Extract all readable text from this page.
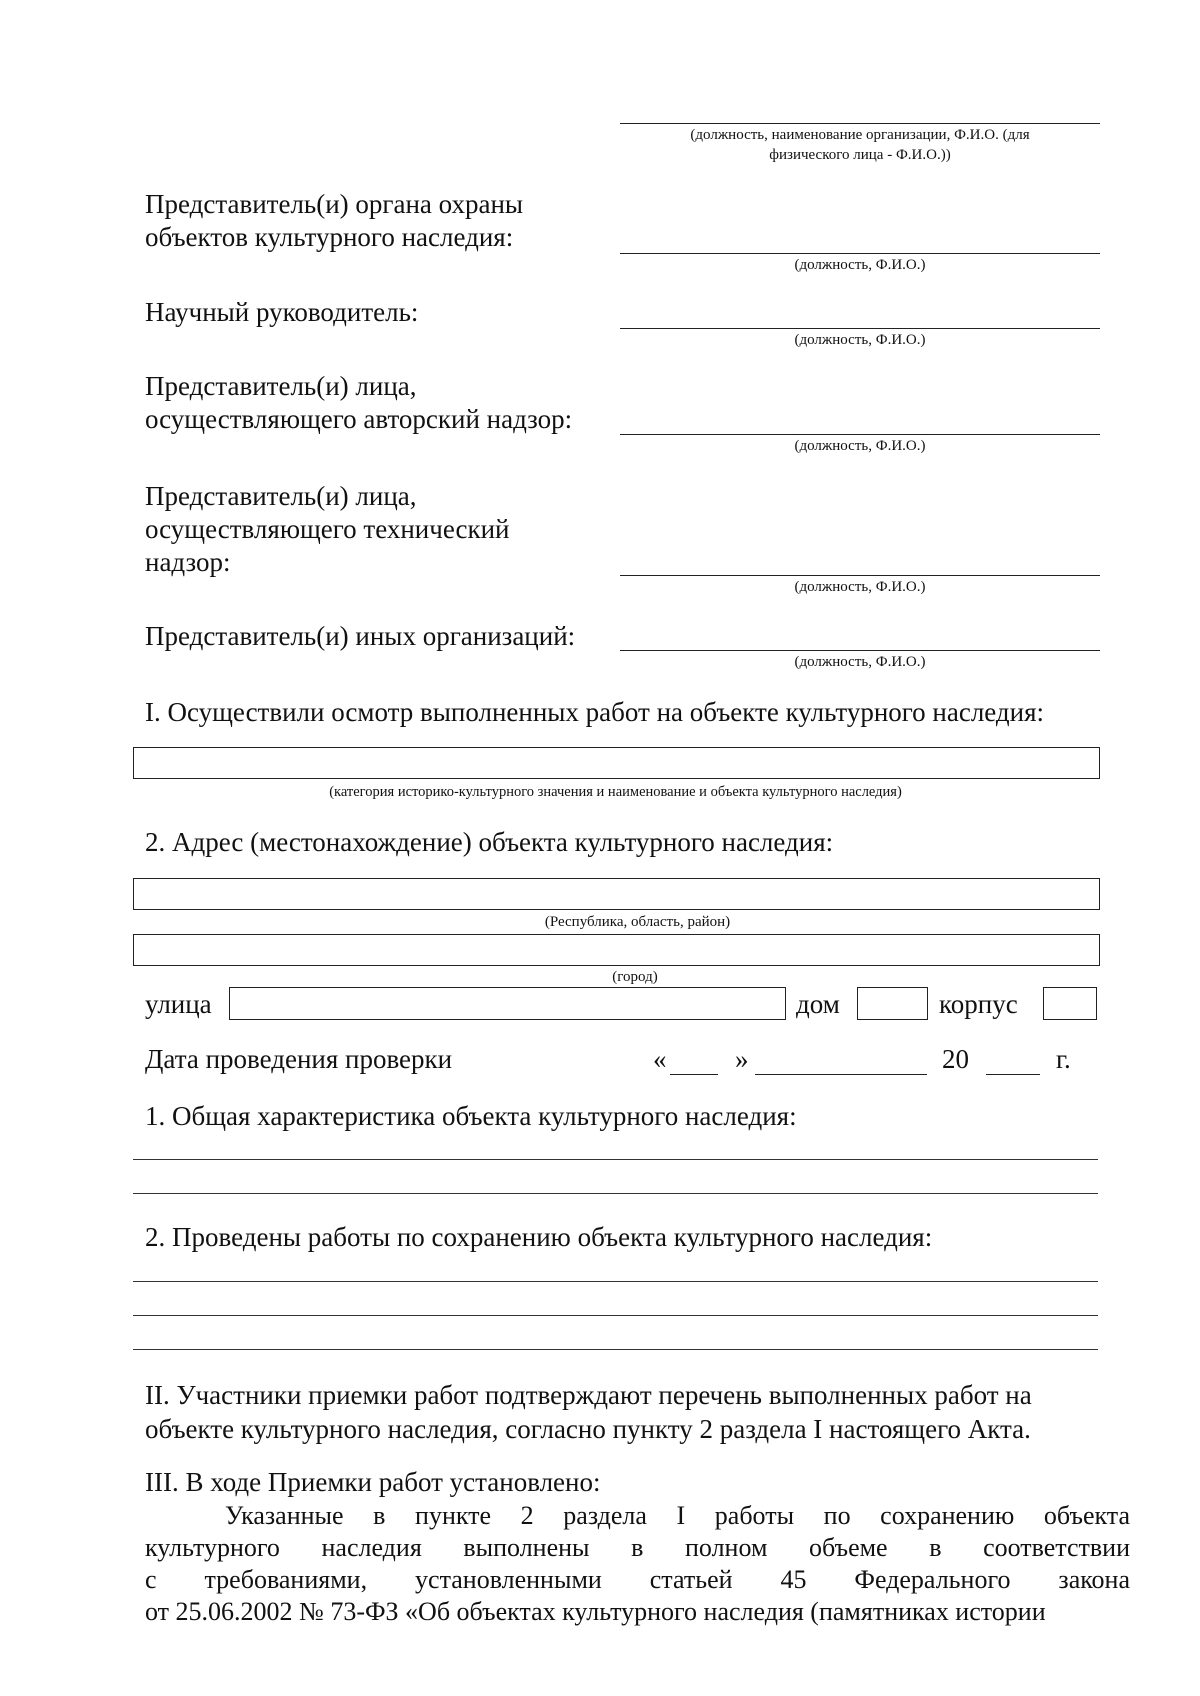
(должность, наименование организации, Ф.И.О. (для
физического лица - Ф.И.О.))
Представитель(и) органа охраны
объектов культурного наследия:
(должность, Ф.И.О.)
Научный руководитель:
(должность, Ф.И.О.)
Представитель(и) лица,
осуществляющего авторский надзор:
(должность, Ф.И.О.)
Представитель(и) лица,
осуществляющего технический
надзор:
(должность, Ф.И.О.)
Представитель(и) иных организаций:
(должность, Ф.И.О.)
I. Осуществили осмотр выполненных работ на объекте культурного наследия:
(категория историко-культурного значения и наименование и объекта культурного наследия)
2. Адрес (местонахождение) объекта культурного наследия:
(Республика, область, район)
(город)
улица	дом	корпус
Дата проведения проверки	«	»	20	г.
1. Общая характеристика объекта культурного наследия:
2. Проведены работы по сохранению объекта культурного наследия:
II. Участники приемки работ подтверждают перечень выполненных работ на
объекте культурного наследия, согласно пункту 2 раздела I настоящего Акта.
III. В ходе Приемки работ установлено:
Указанные в пункте 2 раздела I работы по сохранению объекта
культурного наследия выполнены в полном объеме в соответствии
с требованиями, установленными статьей 45 Федерального закона
от 25.06.2002 № 73-ФЗ «Об объектах культурного наследия (памятниках истории
